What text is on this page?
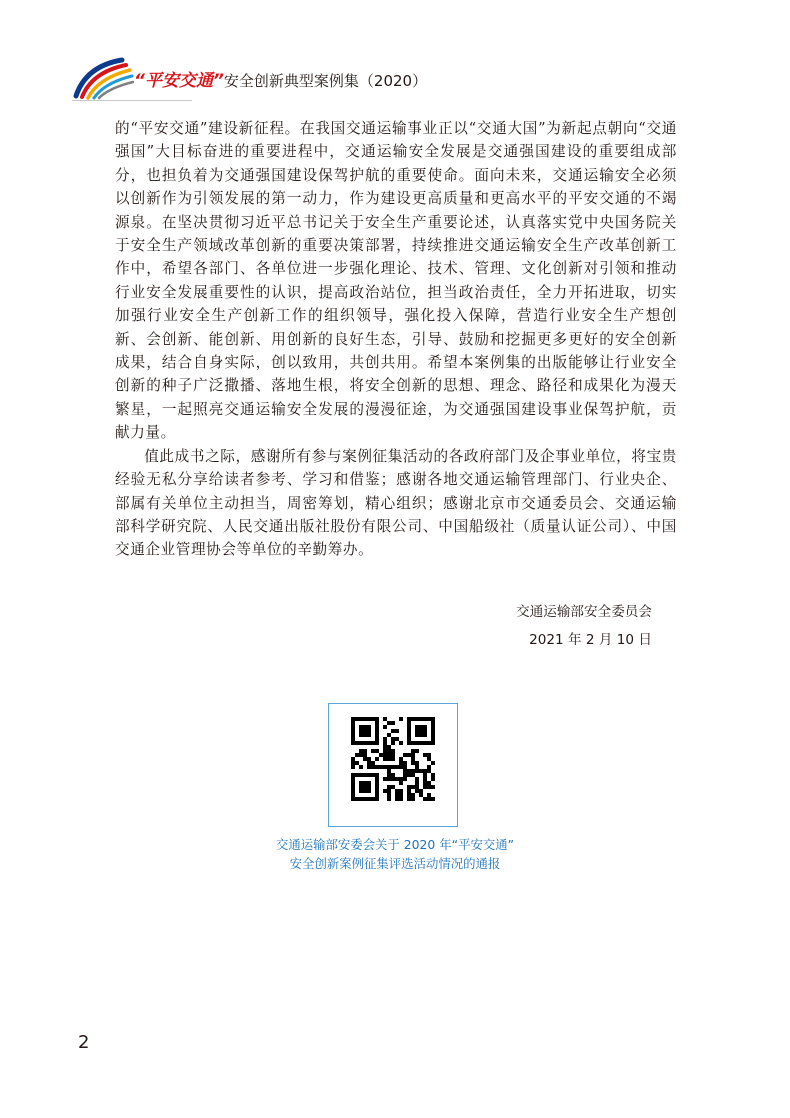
“平安交通”安全创新典型案例集（2020）

的“平安交通”建设新征程。在我国交通运输事业正以“交通大国”为新起点朝向“交通强国”大目标奋进的重要进程中，交通运输安全发展是交通强国建设的重要组成部分，也担负着为交通强国建设保驾护航的重要使命。面向未来，交通运输安全必须以创新作为引领发展的第一动力，作为建设更高质量和更高水平的平安交通的不竭源泉。在坚决贯彻习近平总书记关于安全生产重要论述，认真落实党中央国务院关于安全生产领域改革创新的重要决策部署，持续推进交通运输安全生产改革创新工作中，希望各部门、各单位进一步强化理论、技术、管理、文化创新对引领和推动行业安全发展重要性的认识，提高政治站位，担当政治责任，全力开拓进取，切实加强行业安全生产创新工作的组织领导，强化投入保障，营造行业安全生产想创新、会创新、能创新、用创新的良好生态，引导、鼓励和挖掘更多更好的安全创新成果，结合自身实际，创以致用，共创共用。希望本案例集的出版能够让行业安全创新的种子广泛撒播、落地生根，将安全创新的思想、理念、路径和成果化为漫天繁星，一起照亮交通运输安全发展的漫漫征途，为交通强国建设事业保驾护航，贡献力量。

值此成书之际，感谢所有参与案例征集活动的各政府部门及企事业单位，将宝贵经验无私分享给读者参考、学习和借鉴；感谢各地交通运输管理部门、行业央企、部属有关单位主动担当，周密筹划，精心组织；感谢北京市交通委员会、交通运输部科学研究院、人民交通出版社股份有限公司、中国船级社（质量认证公司）、中国交通企业管理协会等单位的辛勤筹办。

交通运输部安全委员会
2021 年 2 月 10 日
交通运输部安委会关于 2020 年“平安交通”
安全创新案例征集评选活动情况的通报
2
